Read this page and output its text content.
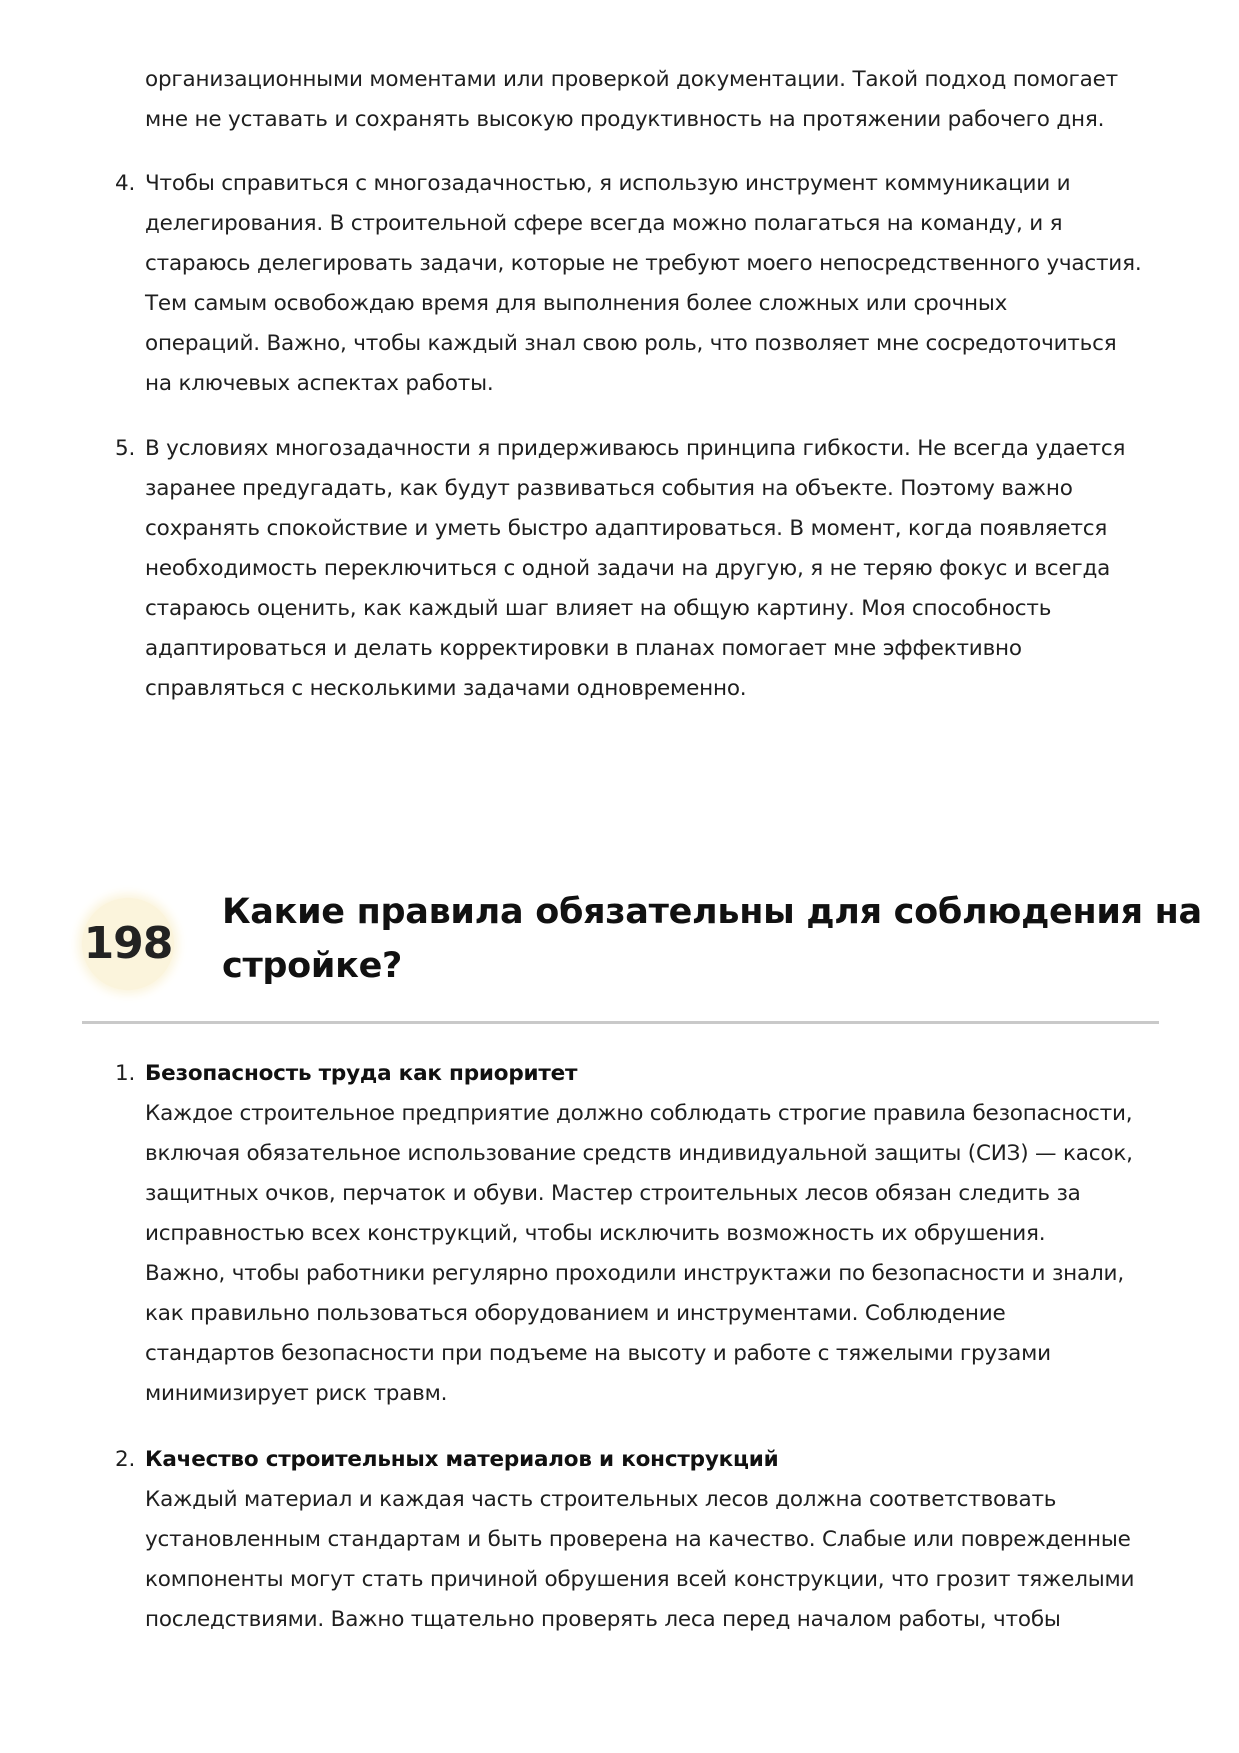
организационными моментами или проверкой документации. Такой подход помогает
мне не уставать и сохранять высокую продуктивность на протяжении рабочего дня.
4. Чтобы справиться с многозадачностью, я использую инструмент коммуникации и
делегирования. В строительной сфере всегда можно полагаться на команду, и я
стараюсь делегировать задачи, которые не требуют моего непосредственного участия.
Тем самым освобождаю время для выполнения более сложных или срочных
операций. Важно, чтобы каждый знал свою роль, что позволяет мне сосредоточиться
на ключевых аспектах работы.
5. В условиях многозадачности я придерживаюсь принципа гибкости. Не всегда удается
заранее предугадать, как будут развиваться события на объекте. Поэтому важно
сохранять спокойствие и уметь быстро адаптироваться. В момент, когда появляется
необходимость переключиться с одной задачи на другую, я не теряю фокус и всегда
стараюсь оценить, как каждый шаг влияет на общую картину. Моя способность
адаптироваться и делать корректировки в планах помогает мне эффективно
справляться с несколькими задачами одновременно.
198
Какие правила обязательны для соблюдения на
стройке?
1. Безопасность труда как приоритет
Каждое строительное предприятие должно соблюдать строгие правила безопасности,
включая обязательное использование средств индивидуальной защиты (СИЗ) — касок,
защитных очков, перчаток и обуви. Мастер строительных лесов обязан следить за
исправностью всех конструкций, чтобы исключить возможность их обрушения.
Важно, чтобы работники регулярно проходили инструктажи по безопасности и знали,
как правильно пользоваться оборудованием и инструментами. Соблюдение
стандартов безопасности при подъеме на высоту и работе с тяжелыми грузами
минимизирует риск травм.
2. Качество строительных материалов и конструкций
Каждый материал и каждая часть строительных лесов должна соответствовать
установленным стандартам и быть проверена на качество. Слабые или поврежденные
компоненты могут стать причиной обрушения всей конструкции, что грозит тяжелыми
последствиями. Важно тщательно проверять леса перед началом работы, чтобы
